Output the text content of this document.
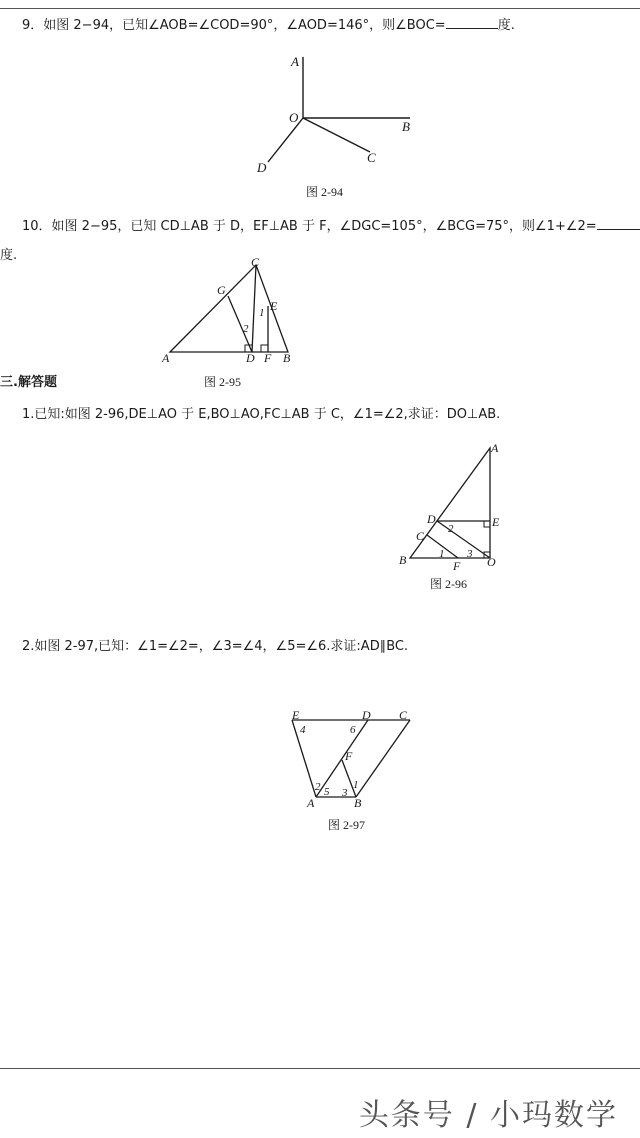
9．如图 2−94，已知∠AOB=∠COD=90°，∠AOD=146°，则∠BOC=	度.
A
O
B
C
D
图 2-94
10．如图 2−95，已知 CD⊥AB 于 D，EF⊥AB 于 F，∠DGC=105°，∠BCG=75°，则∠1+∠2=
度.	C
G
E
1
2
A	D F B
图 2-95
三.解答题
1.已知:如图 2-96,DE⊥AO 于 E,BO⊥AO,FC⊥AB 于 C，∠1=∠2,求证：DO⊥AB.
A
D	E
2
C
1 3
B	F O
图 2-96
2.如图 2-97,已知：∠1=∠2=，∠3=∠4，∠5=∠6.求证:AD∥BC.
E	D C
4	6
F
1
2 5 3
A	B
图 2-97
头条号 / 小玛数学
